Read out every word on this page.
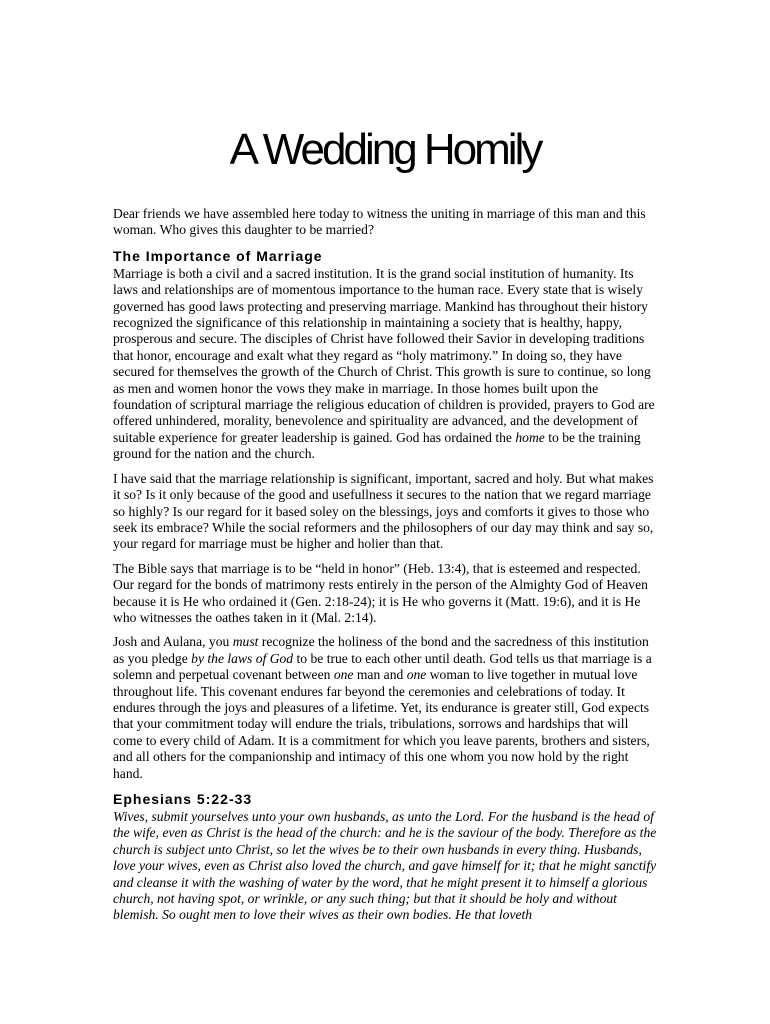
A Wedding Homily

Dear friends we have assembled here today to witness the uniting in marriage of this man and this woman. Who gives this daughter to be married?

The Importance of Marriage

Marriage is both a civil and a sacred institution. It is the grand social institution of humanity. Its laws and relationships are of momentous importance to the human race. Every state that is wisely governed has good laws protecting and preserving marriage. Mankind has throughout their history recognized the significance of this relationship in maintaining a society that is healthy, happy, prosperous and secure. The disciples of Christ have followed their Savior in developing traditions that honor, encourage and exalt what they regard as “holy matrimony.” In doing so, they have secured for themselves the growth of the Church of Christ. This growth is sure to continue, so long as men and women honor the vows they make in marriage. In those homes built upon the foundation of scriptural marriage the religious education of children is provided, prayers to God are offered unhindered, morality, benevolence and spirituality are advanced, and the development of suitable experience for greater leadership is gained. God has ordained the home to be the training ground for the nation and the church.

I have said that the marriage relationship is significant, important, sacred and holy. But what makes it so? Is it only because of the good and usefullness it secures to the nation that we regard marriage so highly? Is our regard for it based soley on the blessings, joys and comforts it gives to those who seek its embrace? While the social reformers and the philosophers of our day may think and say so, your regard for marriage must be higher and holier than that.

The Bible says that marriage is to be “held in honor” (Heb. 13:4), that is esteemed and respected. Our regard for the bonds of matrimony rests entirely in the person of the Almighty God of Heaven because it is He who ordained it (Gen. 2:18-24); it is He who governs it (Matt. 19:6), and it is He who witnesses the oathes taken in it (Mal. 2:14).

Josh and Aulana, you must recognize the holiness of the bond and the sacredness of this institution as you pledge by the laws of God to be true to each other until death. God tells us that marriage is a solemn and perpetual covenant between one man and one woman to live together in mutual love throughout life. This covenant endures far beyond the ceremonies and celebrations of today. It endures through the joys and pleasures of a lifetime. Yet, its endurance is greater still, God expects that your commitment today will endure the trials, tribulations, sorrows and hardships that will come to every child of Adam. It is a commitment for which you leave parents, brothers and sisters, and all others for the companionship and intimacy of this one whom you now hold by the right hand.

Ephesians 5:22-33

Wives, submit yourselves unto your own husbands, as unto the Lord. For the husband is the head of the wife, even as Christ is the head of the church: and he is the saviour of the body. Therefore as the church is subject unto Christ, so let the wives be to their own husbands in every thing. Husbands, love your wives, even as Christ also loved the church, and gave himself for it; that he might sanctify and cleanse it with the washing of water by the word, that he might present it to himself a glorious church, not having spot, or wrinkle, or any such thing; but that it should be holy and without blemish. So ought men to love their wives as their own bodies. He that loveth
